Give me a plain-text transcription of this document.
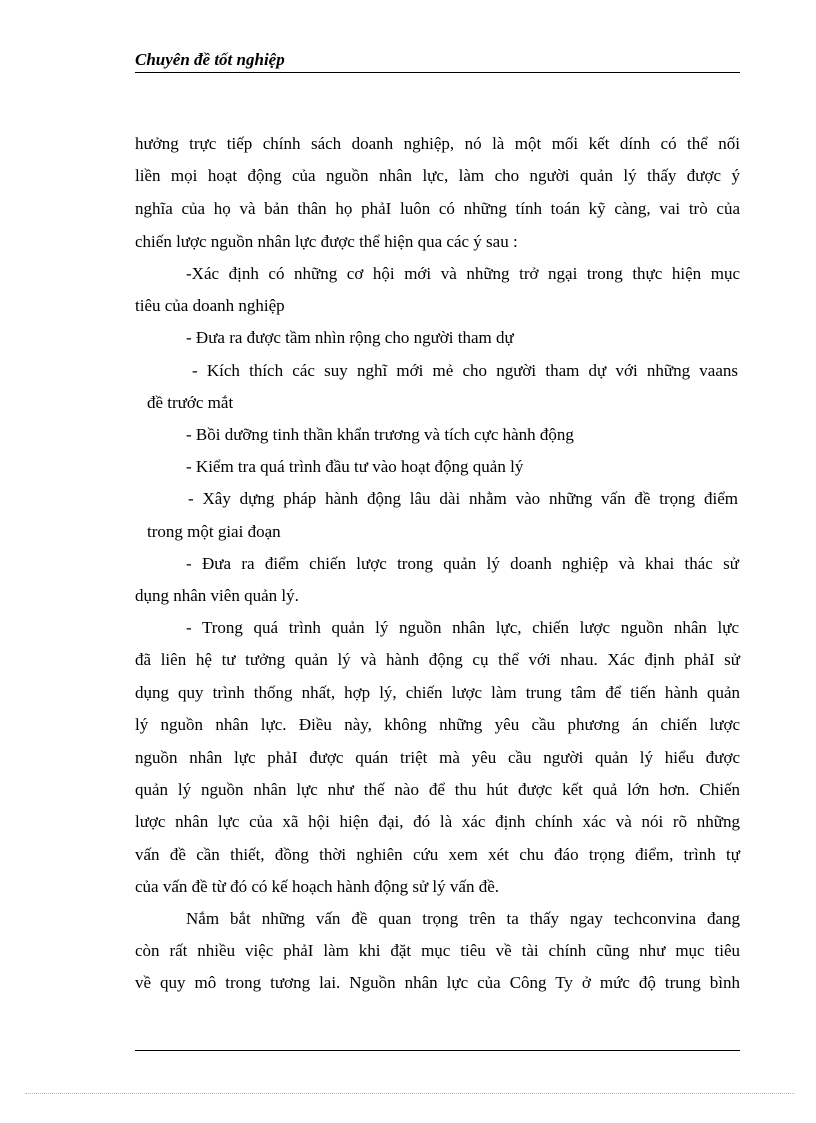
Chuyên đề tốt nghiệp
hưởng trực tiếp chính sách doanh nghiệp, nó là một mối kết dính có thể nối
liền mọi hoạt động của nguồn nhân lực, làm cho người quản lý thấy được ý
nghĩa của họ và bản thân họ phảI luôn có những tính toán kỹ càng, vai trò của
chiến lược nguồn nhân lực được thể hiện qua các ý sau :
-Xác định có những cơ hội mới và những trở ngại trong thực hiện mục
tiêu của doanh nghiệp
- Đưa ra được tầm nhìn rộng cho người tham dự
- Kích thích các suy nghĩ mới mẻ cho người tham dự với những vaans
đề trước mắt
- Bồi dưỡng tinh thần khẩn trương và tích cực hành động
- Kiểm tra quá trình đầu tư vào hoạt động quản lý
- Xây dựng pháp hành động lâu dài nhằm vào những vấn đề trọng điểm
trong một giai đoạn
- Đưa ra điểm chiến lược trong quản lý doanh nghiệp và khai thác sử
dụng nhân viên quản lý.
- Trong quá trình quản lý nguồn nhân lực, chiến lược nguồn nhân lực
đã liên hệ tư tưởng quản lý và hành động cụ thể với nhau. Xác định phảI sử
dụng quy trình thống nhất, hợp lý, chiến lược làm trung tâm để tiến hành quản
lý nguồn nhân lực. Điều này, không những yêu cầu phương án chiến lược
nguồn nhân lực phảI được quán triệt mà yêu cầu người quản lý hiểu được
quản lý nguồn nhân lực như thế nào để thu hút được kết quả lớn hơn. Chiến
lược nhân lực của xã hội hiện đại, đó là xác định chính xác và nói rõ những
vấn đề cần thiết, đồng thời nghiên cứu xem xét chu đáo trọng điểm, trình tự
của vấn đề từ đó có kế hoạch hành động sử lý vấn đề.
Nắm bắt những vấn đề quan trọng trên ta thấy ngay techconvina đang
còn rất nhiều việc phảI làm khi đặt mục tiêu về tài chính cũng như mục tiêu
về quy mô trong tương lai. Nguồn nhân lực của Công Ty ở mức độ trung bình
